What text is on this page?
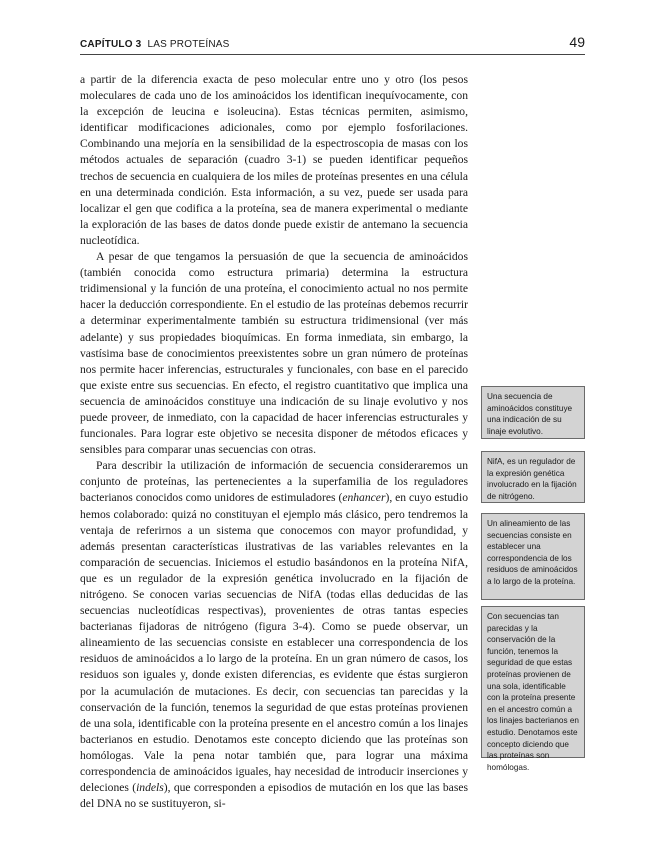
CAPÍTULO 3 LAS PROTEÍNAS	49

a partir de la diferencia exacta de peso molecular entre uno y otro (los pesos moleculares de cada uno de los aminoácidos los identifican inequívocamente, con la excepción de leucina e isoleucina). Estas técnicas permiten, asimismo, identificar modificaciones adicionales, como por ejemplo fosforilaciones. Combinando una mejoría en la sensibilidad de la espectroscopia de masas con los métodos actuales de separación (cuadro 3-1) se pueden identificar pequeños trechos de secuencia en cualquiera de los miles de proteínas presentes en una célula en una determinada condición. Esta información, a su vez, puede ser usada para localizar el gen que codifica a la proteína, sea de manera experimental o mediante la exploración de las bases de datos donde puede existir de antemano la secuencia nucleotídica.

A pesar de que tengamos la persuasión de que la secuencia de aminoácidos (también conocida como estructura primaria) determina la estructura tridimensional y la función de una proteína, el conocimiento actual no nos permite hacer la deducción correspondiente. En el estudio de las proteínas debemos recurrir a determinar experimentalmente también su estructura tridimensional (ver más adelante) y sus propiedades bioquímicas. En forma inmediata, sin embargo, la vastísima base de conocimientos preexistentes sobre un gran número de proteínas nos permite hacer inferencias, estructurales y funcionales, con base en el parecido que existe entre sus secuencias. En efecto, el registro cuantitativo que implica una secuencia de aminoácidos constituye una indicación de su linaje evolutivo y nos puede proveer, de inmediato, con la capacidad de hacer inferencias estructurales y funcionales. Para lograr este objetivo se necesita disponer de métodos eficaces y sensibles para comparar unas secuencias con otras.

Para describir la utilización de información de secuencia consideraremos un conjunto de proteínas, las pertenecientes a la superfamilia de los reguladores bacterianos conocidos como unidores de estimuladores (enhancer), en cuyo estudio hemos colaborado: quizá no constituyan el ejemplo más clásico, pero tendremos la ventaja de referirnos a un sistema que conocemos con mayor profundidad, y además presentan características ilustrativas de las variables relevantes en la comparación de secuencias. Iniciemos el estudio basándonos en la proteína NifA, que es un regulador de la expresión genética involucrado en la fijación de nitrógeno. Se conocen varias secuencias de NifA (todas ellas deducidas de las secuencias nucleotídicas respectivas), provenientes de otras tantas especies bacterianas fijadoras de nitrógeno (figura 3-4). Como se puede observar, un alineamiento de las secuencias consiste en establecer una correspondencia de los residuos de aminoácidos a lo largo de la proteína. En un gran número de casos, los residuos son iguales y, donde existen diferencias, es evidente que éstas surgieron por la acumulación de mutaciones. Es decir, con secuencias tan parecidas y la conservación de la función, tenemos la seguridad de que estas proteínas provienen de una sola, identificable con la proteína presente en el ancestro común a los linajes bacterianos en estudio. Denotamos este concepto diciendo que las proteínas son homólogas. Vale la pena notar también que, para lograr una máxima correspondencia de aminoácidos iguales, hay necesidad de introducir inserciones y deleciones (indels), que corresponden a episodios de mutación en los que las bases del DNA no se sustituyeron, si-

Una secuencia de aminoácidos constituye una indicación de su linaje evolutivo.
NifA, es un regulador de la expresión genética involucrado en la fijación de nitrógeno.
Un alineamiento de las secuencias consiste en establecer una correspondencia de los residuos de aminoácidos a lo largo de la proteína.
Con secuencias tan parecidas y la conservación de la función, tenemos la seguridad de que estas proteínas provienen de una sola, identificable con la proteína presente en el ancestro común a los linajes bacterianos en estudio. Denotamos este concepto diciendo que las proteínas son homólogas.
